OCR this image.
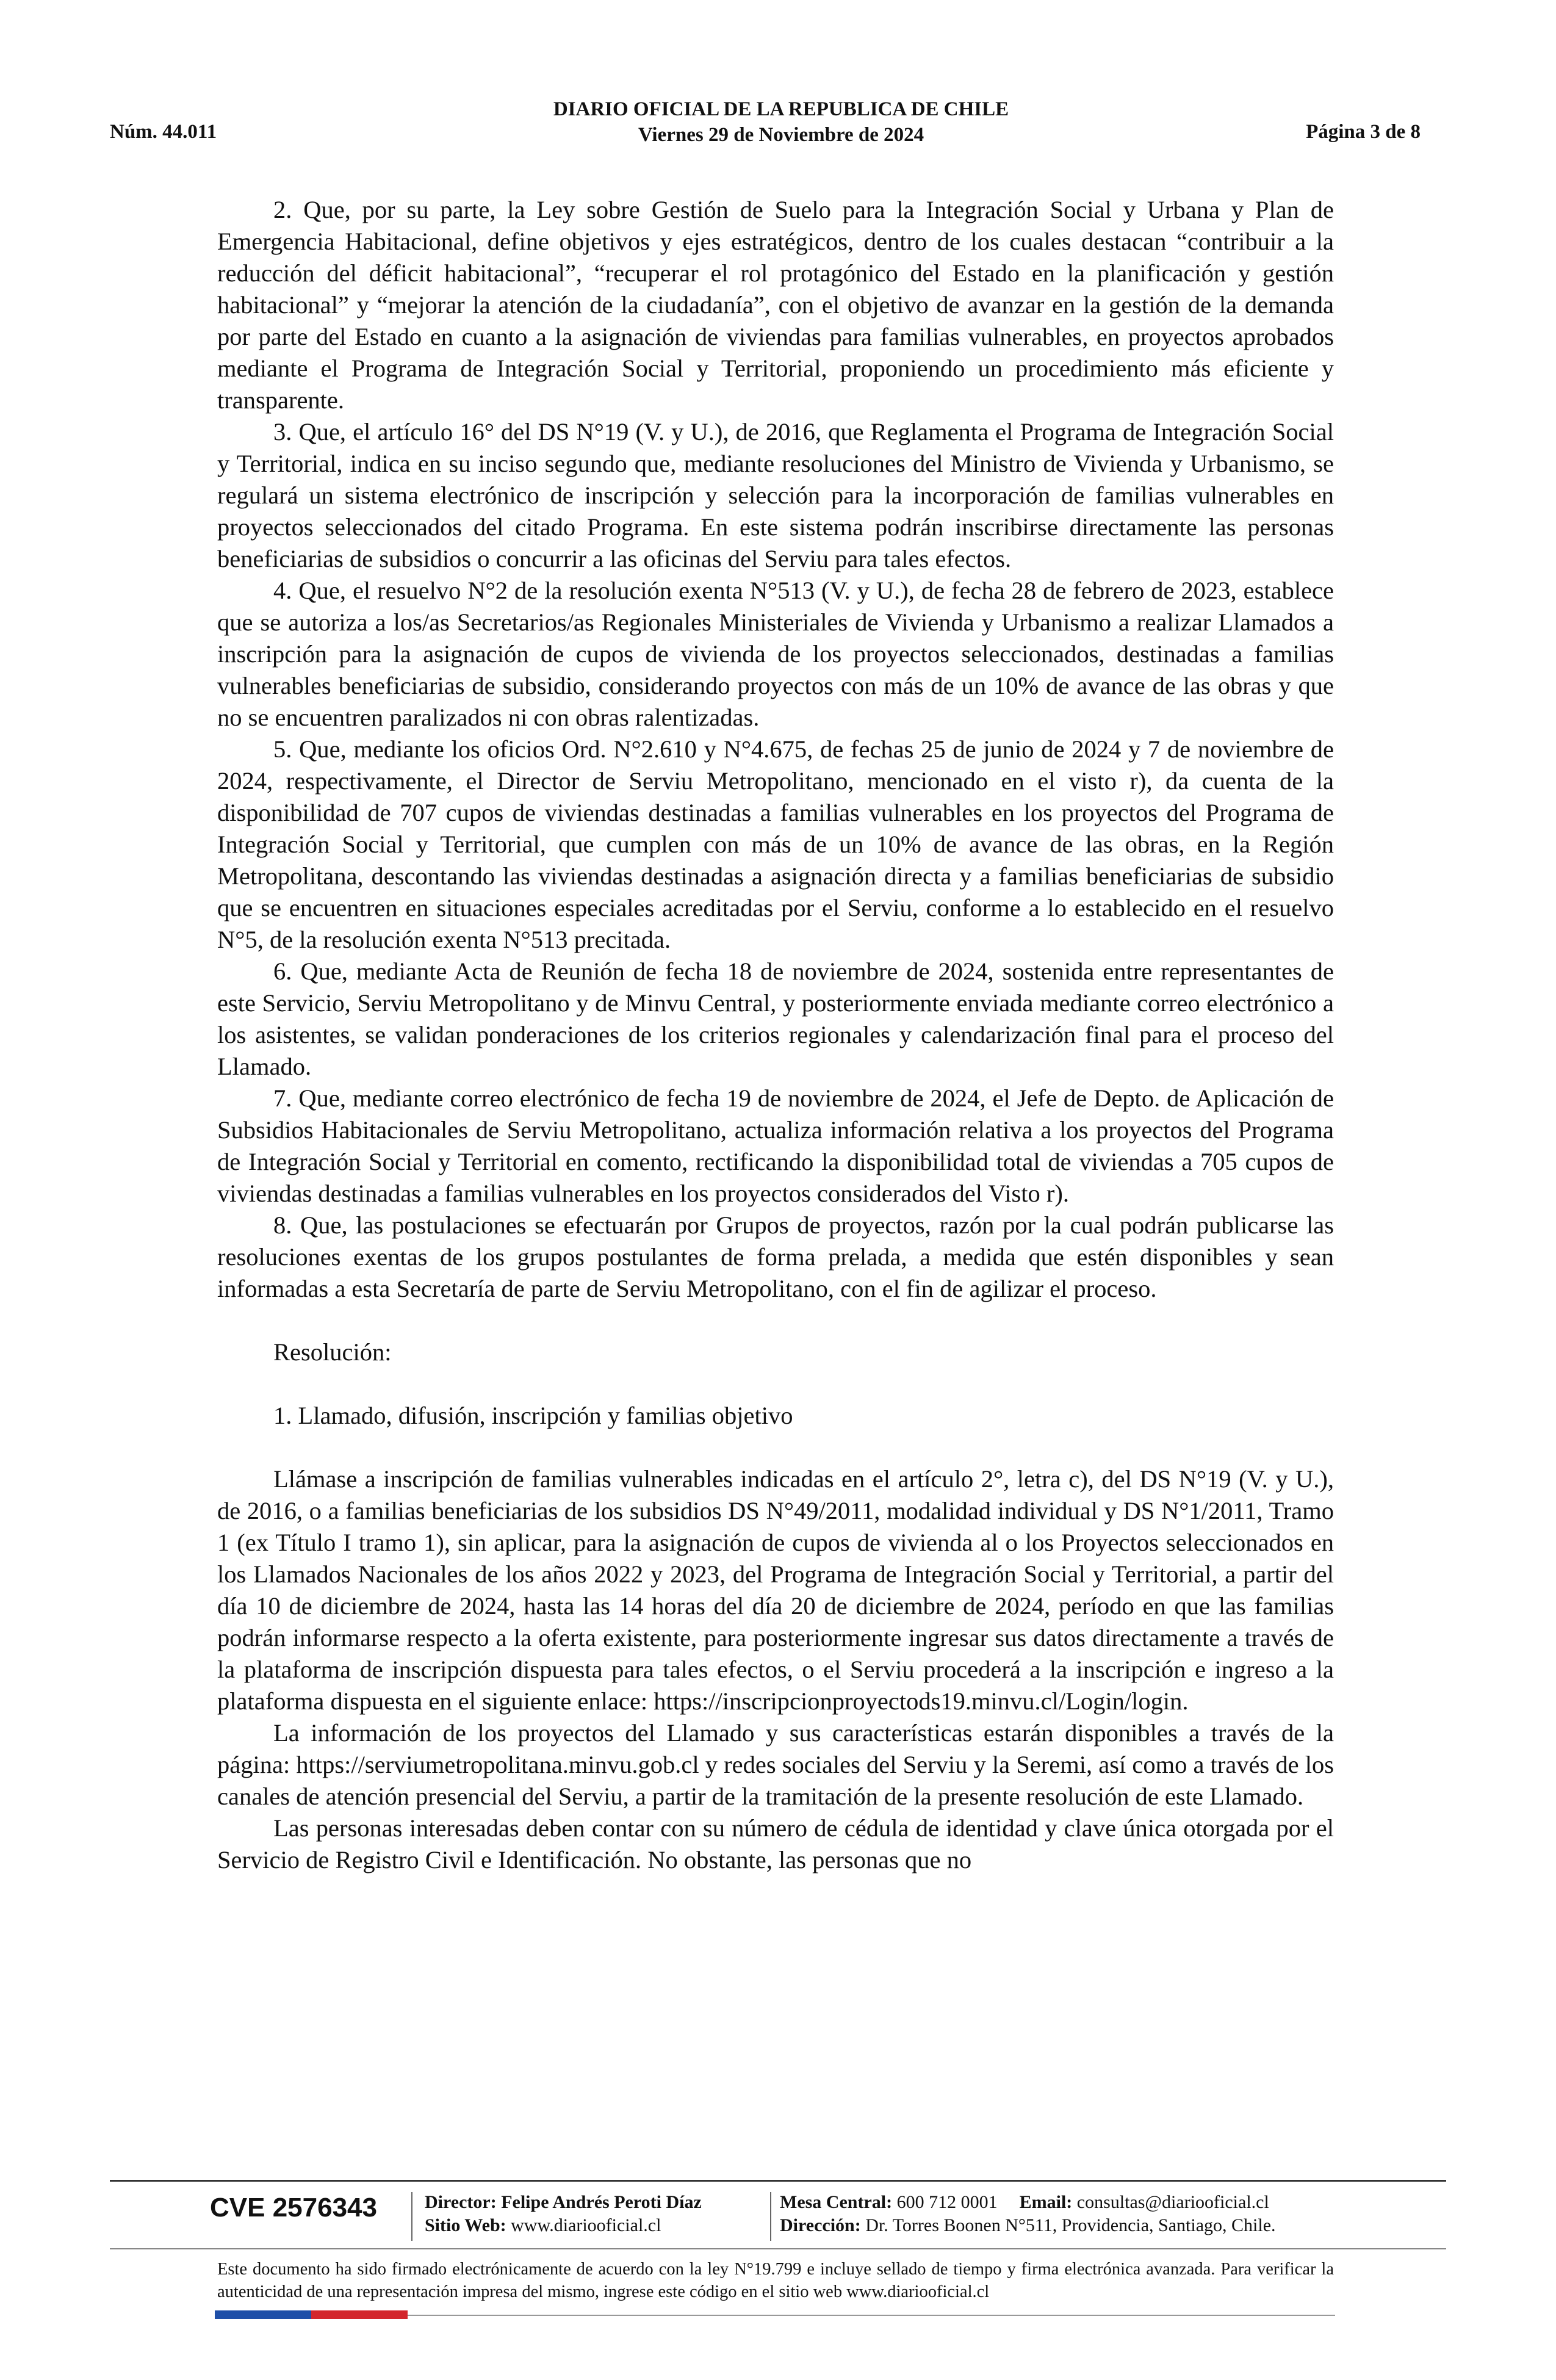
Núm. 44.011
DIARIO OFICIAL DE LA REPUBLICA DE CHILE
Viernes 29 de Noviembre de 2024	Página 3 de 8

2. Que, por su parte, la Ley sobre Gestión de Suelo para la Integración Social y Urbana y Plan de Emergencia Habitacional, define objetivos y ejes estratégicos, dentro de los cuales destacan “contribuir a la reducción del déficit habitacional”, “recuperar el rol protagónico del Estado en la planificación y gestión habitacional” y “mejorar la atención de la ciudadanía”, con el objetivo de avanzar en la gestión de la demanda por parte del Estado en cuanto a la asignación de viviendas para familias vulnerables, en proyectos aprobados mediante el Programa de Integración Social y Territorial, proponiendo un procedimiento más eficiente y transparente.

3. Que, el artículo 16° del DS N°19 (V. y U.), de 2016, que Reglamenta el Programa de Integración Social y Territorial, indica en su inciso segundo que, mediante resoluciones del Ministro de Vivienda y Urbanismo, se regulará un sistema electrónico de inscripción y selección para la incorporación de familias vulnerables en proyectos seleccionados del citado Programa. En este sistema podrán inscribirse directamente las personas beneficiarias de subsidios o concurrir a las oficinas del Serviu para tales efectos.

4. Que, el resuelvo N°2 de la resolución exenta N°513 (V. y U.), de fecha 28 de febrero de 2023, establece que se autoriza a los/as Secretarios/as Regionales Ministeriales de Vivienda y Urbanismo a realizar Llamados a inscripción para la asignación de cupos de vivienda de los proyectos seleccionados, destinadas a familias vulnerables beneficiarias de subsidio, considerando proyectos con más de un 10% de avance de las obras y que no se encuentren paralizados ni con obras ralentizadas.

5. Que, mediante los oficios Ord. N°2.610 y N°4.675, de fechas 25 de junio de 2024 y 7 de noviembre de 2024, respectivamente, el Director de Serviu Metropolitano, mencionado en el visto r), da cuenta de la disponibilidad de 707 cupos de viviendas destinadas a familias vulnerables en los proyectos del Programa de Integración Social y Territorial, que cumplen con más de un 10% de avance de las obras, en la Región Metropolitana, descontando las viviendas destinadas a asignación directa y a familias beneficiarias de subsidio que se encuentren en situaciones especiales acreditadas por el Serviu, conforme a lo establecido en el resuelvo N°5, de la resolución exenta N°513 precitada.

6. Que, mediante Acta de Reunión de fecha 18 de noviembre de 2024, sostenida entre representantes de este Servicio, Serviu Metropolitano y de Minvu Central, y posteriormente enviada mediante correo electrónico a los asistentes, se validan ponderaciones de los criterios regionales y calendarización final para el proceso del Llamado.

7. Que, mediante correo electrónico de fecha 19 de noviembre de 2024, el Jefe de Depto. de Aplicación de Subsidios Habitacionales de Serviu Metropolitano, actualiza información relativa a los proyectos del Programa de Integración Social y Territorial en comento, rectificando la disponibilidad total de viviendas a 705 cupos de viviendas destinadas a familias vulnerables en los proyectos considerados del Visto r).

8. Que, las postulaciones se efectuarán por Grupos de proyectos, razón por la cual podrán publicarse las resoluciones exentas de los grupos postulantes de forma prelada, a medida que estén disponibles y sean informadas a esta Secretaría de parte de Serviu Metropolitano, con el fin de agilizar el proceso.

Resolución:

1. Llamado, difusión, inscripción y familias objetivo

Llámase a inscripción de familias vulnerables indicadas en el artículo 2°, letra c), del DS N°19 (V. y U.), de 2016, o a familias beneficiarias de los subsidios DS N°49/2011, modalidad individual y DS N°1/2011, Tramo 1 (ex Título I tramo 1), sin aplicar, para la asignación de cupos de vivienda al o los Proyectos seleccionados en los Llamados Nacionales de los años 2022 y 2023, del Programa de Integración Social y Territorial, a partir del día 10 de diciembre de 2024, hasta las 14 horas del día 20 de diciembre de 2024, período en que las familias podrán informarse respecto a la oferta existente, para posteriormente ingresar sus datos directamente a través de la plataforma de inscripción dispuesta para tales efectos, o el Serviu procederá a la inscripción e ingreso a la plataforma dispuesta en el siguiente enlace: https://inscripcionproyectods19.minvu.cl/Login/login.

La información de los proyectos del Llamado y sus características estarán disponibles a través de la página: https://serviumetropolitana.minvu.gob.cl y redes sociales del Serviu y la Seremi, así como a través de los canales de atención presencial del Serviu, a partir de la tramitación de la presente resolución de este Llamado.

Las personas interesadas deben contar con su número de cédula de identidad y clave única otorgada por el Servicio de Registro Civil e Identificación. No obstante, las personas que no

CVE 2576343	Director: Felipe Andrés Peroti Díaz
Sitio Web: www.diariooficial.cl
Mesa Central: 600 712 0001 Email: consultas@diariooficial.cl
Dirección: Dr. Torres Boonen N°511, Providencia, Santiago, Chile.
Este documento ha sido firmado electrónicamente de acuerdo con la ley N°19.799 e incluye sellado de tiempo y firma electrónica avanzada. Para verificar la autenticidad de una representación impresa del mismo, ingrese este código en el sitio web www.diariooficial.cl
